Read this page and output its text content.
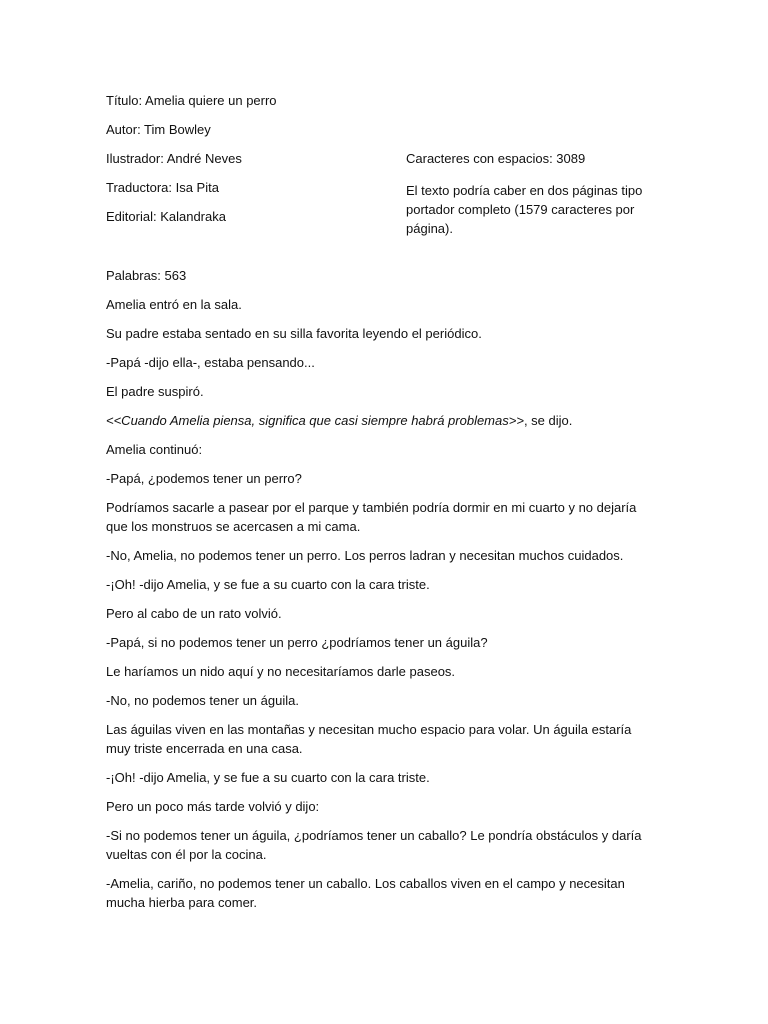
Título: Amelia quiere un perro
Autor: Tim Bowley
Ilustrador: André Neves
Traductora: Isa Pita
Editorial: Kalandraka
Caracteres con espacios: 3089

El texto podría caber en dos páginas tipo portador completo (1579 caracteres por página).

Palabras: 563

Amelia entró en la sala.

Su padre estaba sentado en su silla favorita leyendo el periódico.

-Papá -dijo ella-, estaba pensando...

El padre suspiró.

<<Cuando Amelia piensa, significa que casi siempre habrá problemas>>, se dijo.

Amelia continuó:

-Papá, ¿podemos tener un perro?

Podríamos sacarle a pasear por el parque y también podría dormir en mi cuarto y no dejaría que los monstruos se acercasen a mi cama.

-No, Amelia, no podemos tener un perro. Los perros ladran y necesitan muchos cuidados.

-¡Oh! -dijo Amelia, y se fue a su cuarto con la cara triste.

Pero al cabo de un rato volvió.

-Papá, si no podemos tener un perro ¿podríamos tener un águila?

Le haríamos un nido aquí y no necesitaríamos darle paseos.

-No, no podemos tener un águila.

Las águilas viven en las montañas y necesitan mucho espacio para volar. Un águila estaría muy triste encerrada en una casa.

-¡Oh! -dijo Amelia, y se fue a su cuarto con la cara triste.

Pero un poco más tarde volvió y dijo:

-Si no podemos tener un águila, ¿podríamos tener un caballo? Le pondría obstáculos y daría vueltas con él por la cocina.

-Amelia, cariño, no podemos tener un caballo. Los caballos viven en el campo y necesitan mucha hierba para comer.
